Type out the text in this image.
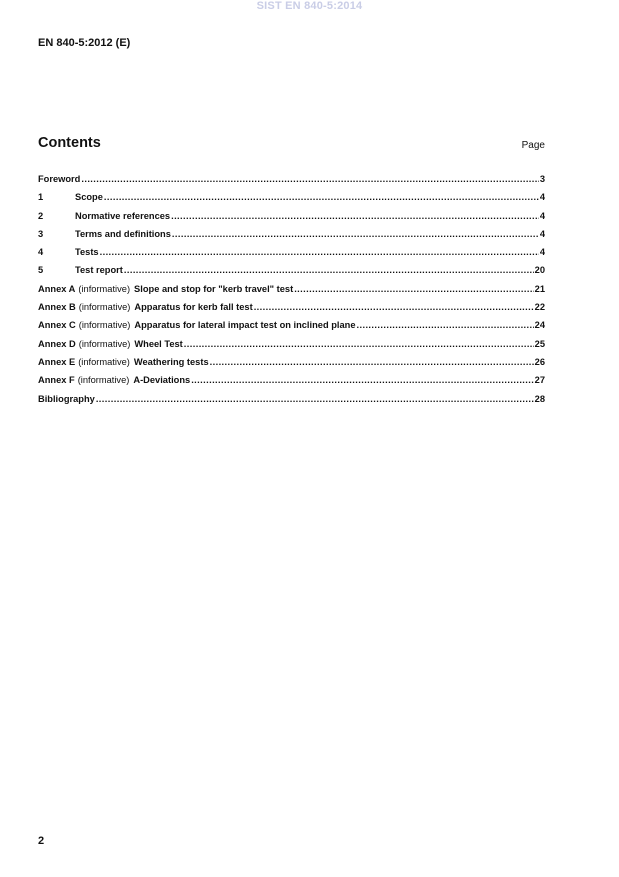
SIST EN 840-5:2014
EN 840-5:2012 (E)
Contents	Page
Foreword .....	3
1	Scope .....	4
2	Normative references .....	4
3	Terms and definitions .....	4
4	Tests .....	4
5	Test report .....	20
Annex A (informative) Slope and stop for "kerb travel" test .....	21
Annex B (informative) Apparatus for kerb fall test .....	22
Annex C (informative) Apparatus for lateral impact test on inclined plane .....	24
Annex D (informative) Wheel Test .....	25
Annex E (informative) Weathering tests .....	26
Annex F (informative) A-Deviations .....	27
Bibliography .....	28
2
